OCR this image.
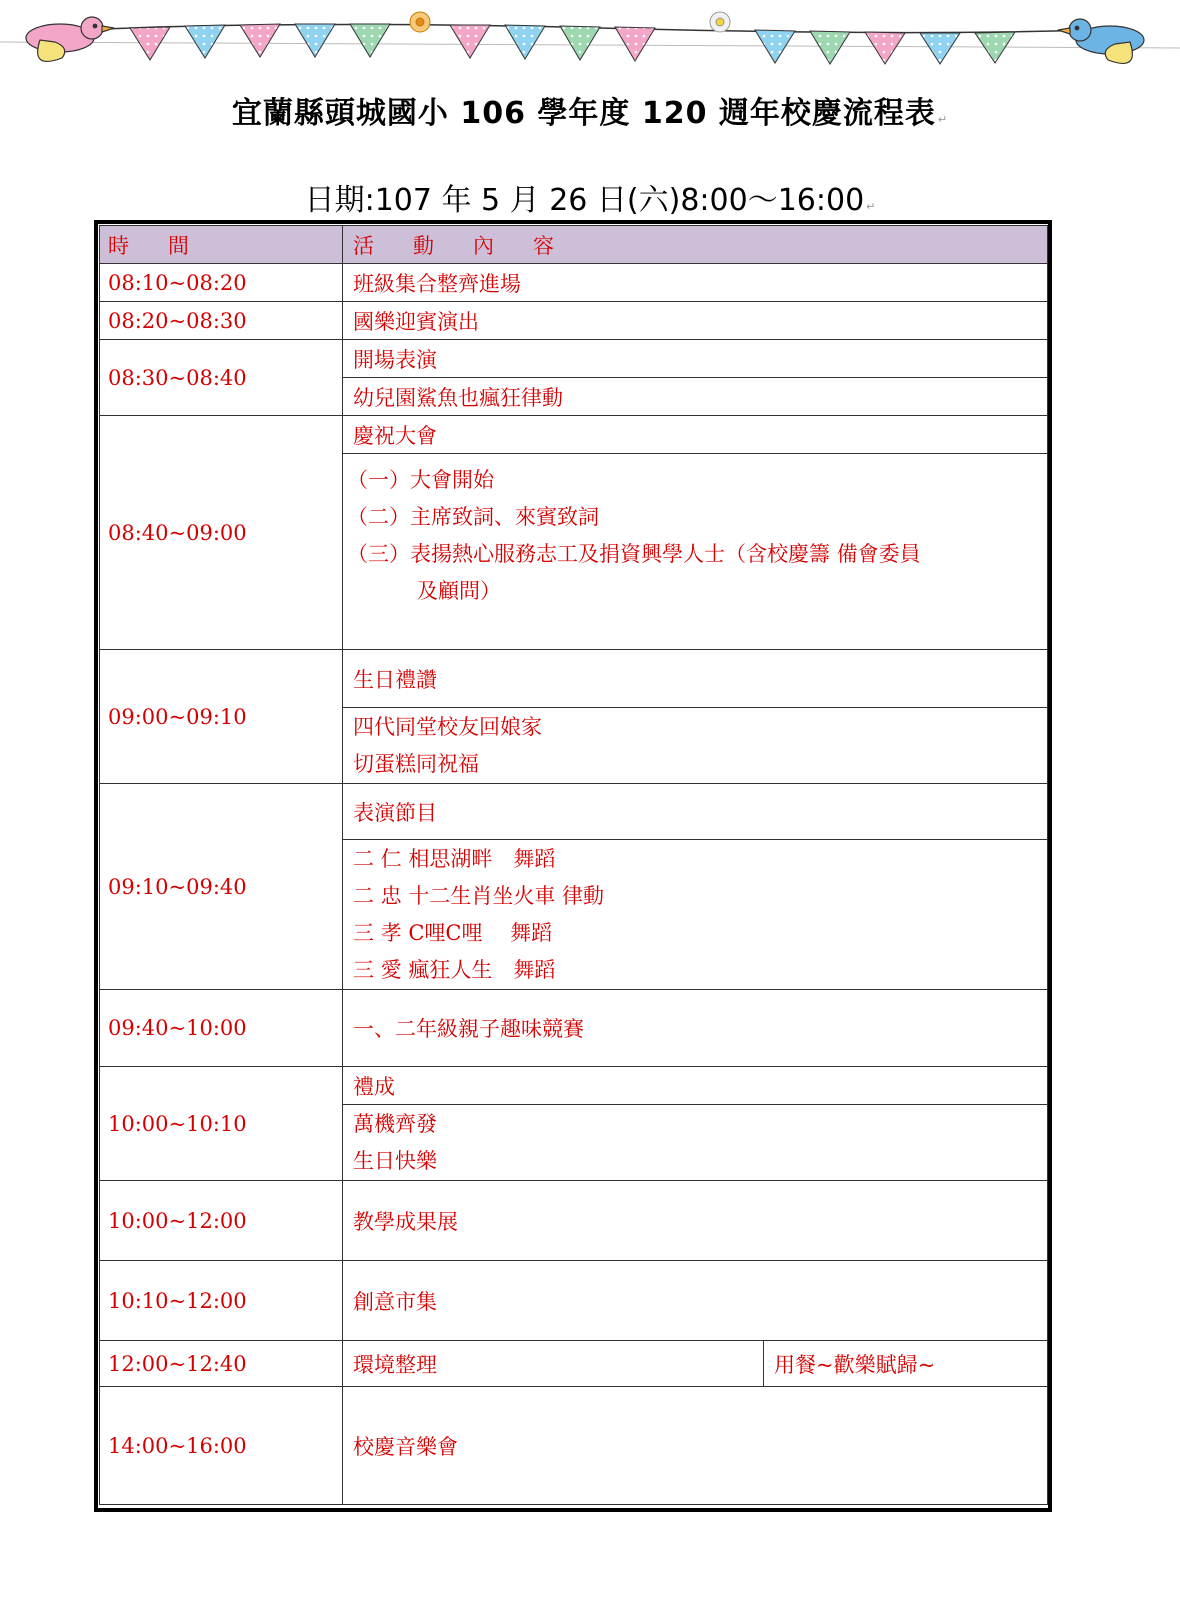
宜蘭縣頭城國小 106 學年度 120 週年校慶流程表 ↵
日期:107 年 5 月 26 日(六)8:00～16:00 ↵
時　間	活　動　內　容	
08:10~08:20	班級集合整齊進場	
08:20~08:30	國樂迎賓演出	
08:30~08:40	開場表演	
	幼兒園鯊魚也瘋狂律動	
08:40~09:00	慶祝大會	

	（一）大會開始
（二）主席致詞、來賓致詞
（三）表揚熱心服務志工及捐資興學人士（含校慶籌 備會委員
及顧問）	

09:00~09:10	生日禮讚	

	四代同堂校友回娘家
切蛋糕同祝福	

09:10~09:40	表演節目	

	二 仁 相思湖畔　舞蹈
二 忠 十二生肖坐火車 律動
三 孝 C哩C哩　 舞蹈
三 愛 瘋狂人生　舞蹈	

09:40~10:00	一、二年級親子趣味競賽	
10:00~10:10	禮成	

	萬機齊發
生日快樂	

10:00~12:00	教學成果展	
10:10~12:00	創意市集	
12:00~12:40	環境整理	用餐~歡樂賦歸~
14:00~16:00	校慶音樂會	
